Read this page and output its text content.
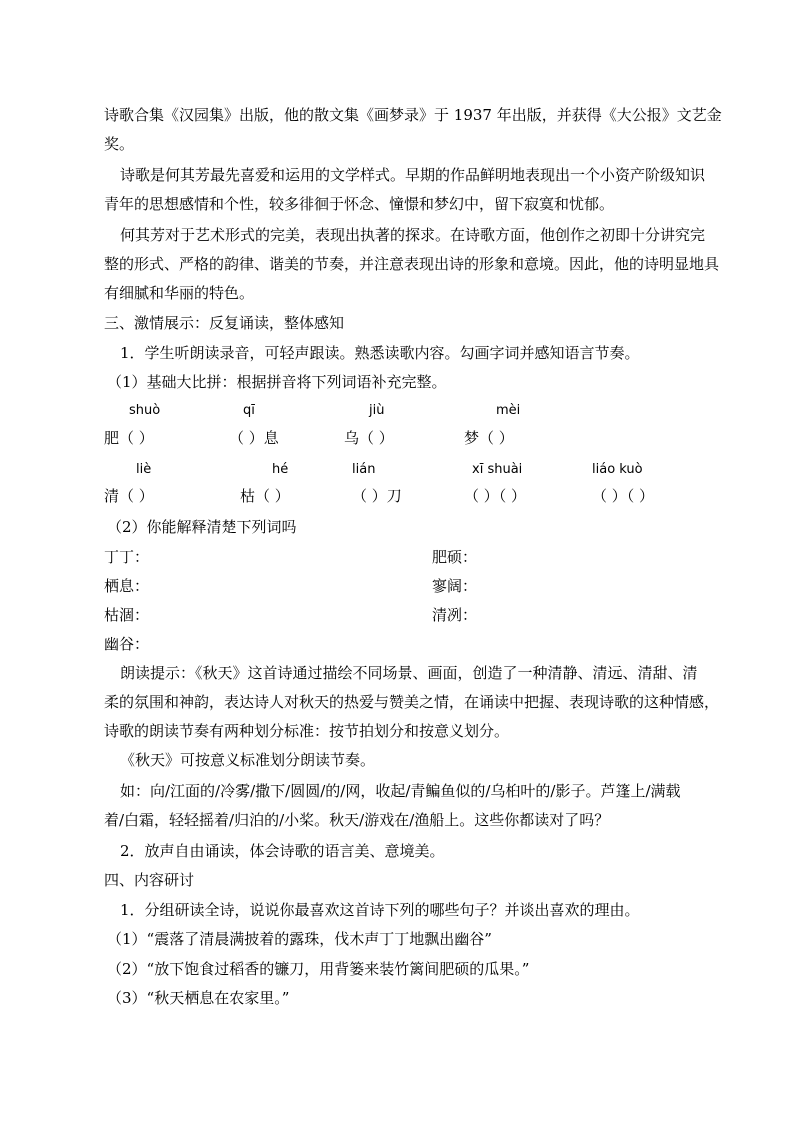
诗歌合集《汉园集》出版，他的散文集《画梦录》于 1937 年出版，并获得《大公报》文艺金
奖。
诗歌是何其芳最先喜爱和运用的文学样式。早期的作品鲜明地表现出一个小资产阶级知识
青年的思想感情和个性，较多徘徊于怀念、憧憬和梦幻中，留下寂寞和忧郁。
何其芳对于艺术形式的完美，表现出执著的探求。在诗歌方面，他创作之初即十分讲究完
整的形式、严格的韵律、谐美的节奏，并注意表现出诗的形象和意境。因此，他的诗明显地具
有细腻和华丽的特色。
三、激情展示：反复诵读，整体感知
1．学生听朗读录音，可轻声跟读。熟悉读歌内容。勾画字词并感知语言节奏。
（1）基础大比拼：根据拼音将下列词语补充完整。
shuò	qī	jiù	mèi
肥（ ）	（ ）息	乌（ ）	梦（ ）
liè	hé	lián	xī shuài	liáo kuò
清（ ）	枯（ ）	（ ）刀	（ ）（ ）	（ ）（ ）
（2）你能解释清楚下列词吗
丁丁：	肥硕：
栖息：	寥阔：
枯涸：	清冽：
幽谷：
朗读提示：《秋天》这首诗通过描绘不同场景、画面，创造了一种清静、清远、清甜、清
柔的氛围和神韵，表达诗人对秋天的热爱与赞美之情，在诵读中把握、表现诗歌的这种情感，
诗歌的朗读节奏有两种划分标准：按节拍划分和按意义划分。
《秋天》可按意义标准划分朗读节奏。
如：向/江面的/冷雾/撒下/圆圆/的/网，收起/青鳊鱼似的/乌桕叶的/影子。芦篷上/满载
着/白霜，轻轻摇着/归泊的/小桨。秋天/游戏在/渔船上。这些你都读对了吗？
2．放声自由诵读，体会诗歌的语言美、意境美。
四、内容研讨
1．分组研读全诗，说说你最喜欢这首诗下列的哪些句子？并谈出喜欢的理由。
（1）“震落了清晨满披着的露珠，伐木声丁丁地飘出幽谷”
（2）“放下饱食过稻香的镰刀，用背篓来装竹篱间肥硕的瓜果。”
（3）“秋天栖息在农家里。”
